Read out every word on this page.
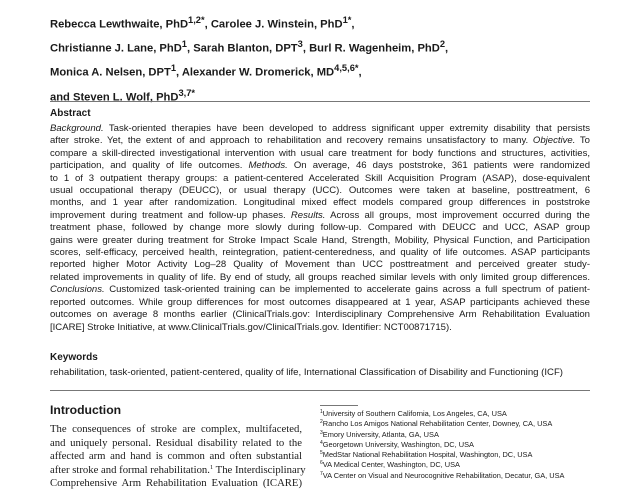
Rebecca Lewthwaite, PhD$^{1,2*}$, Carolee J. Winstein, PhD$^{1*}$,
Christianne J. Lane, PhD$^1$, Sarah Blanton, DPT$^3$, Burl R. Wagenheim, PhD$^2$,
Monica A. Nelsen, DPT$^1$, Alexander W. Dromerick, $MD^{4,5,6*}$,
and Steven L. Wolf, PhD$^{3,7*}$
Abstract
Background. Task-oriented therapies have been developed to address significant upper extremity disability that persists
after stroke. Yet, the extent of and approach to rehabilitation and recovery remains unsatisfactory to many. Objective. To
compare a skill-directed investigational intervention with usual care treatment for body functions and structures, activities,
participation, and quality of life outcomes. Methods. On average, 46 days poststroke, 361 patients were randomized
to 1 of 3 outpatient therapy groups: a patient-centered Accelerated Skill Acquisition Program (ASAP), dose-equivalent
usual occupational therapy (DEUCC), or usual therapy (UCC). Outcomes were taken at baseline, posttreatment, 6
months, and 1 year after randomization. Longitudinal mixed effect models compared group differences in poststroke
improvement during treatment and follow-up phases. Results. Across all groups, most improvement occurred during the
treatment phase, followed by change more slowly during follow-up. Compared with DEUCC and UCC, ASAP group
gains were greater during treatment for Stroke Impact Scale Hand, Strength, Mobility, Physical Function, and Participation
scores, self-efficacy, perceived health, reintegration, patient-centeredness, and quality of life outcomes. ASAP participants
reported higher Motor Activity Log–28 Quality of Movement than UCC posttreatment and perceived greater study-
related improvements in quality of life. By end of study, all groups reached similar levels with only limited group differences.
Conclusions. Customized task-oriented training can be implemented to accelerate gains across a full spectrum of patient-
reported outcomes. While group differences for most outcomes disappeared at 1 year, ASAP participants achieved these
outcomes on average 8 months earlier (ClinicalTrials.gov: Interdisciplinary Comprehensive Arm Rehabilitation Evaluation
[ICARE] Stroke Initiative, at www.ClinicalTrials.gov/ClinicalTrials.gov. Identifier: NCT00871715).
Keywords
rehabilitation, task-oriented, patient-centered, quality of life, International Classification of Disability and Functioning (ICF)
Introduction
The consequences of stroke are complex, multifaceted,
and uniquely personal. Residual disability related to the
affected arm and hand is common and often substantial
after stroke and formal rehabilitation.$^1$ The Interdisciplinary
Comprehensive Arm Rehabilitation Evaluation (ICARE)
$^1$University of Southern California, Los Angeles, CA, USA
$^2$Rancho Los Amigos National Rehabilitation Center, Downey, CA, USA
$^3$Emory University, Atlanta, GA, USA
$^4$Georgetown University, Washington, DC, USA
$^5$MedStar National Rehabilitation Hospital, Washington, DC, USA
$^6$VA Medical Center, Washington, DC, USA
$^7$VA Center on Visual and Neurocognitive Rehabilitation, Decatur, GA, USA
